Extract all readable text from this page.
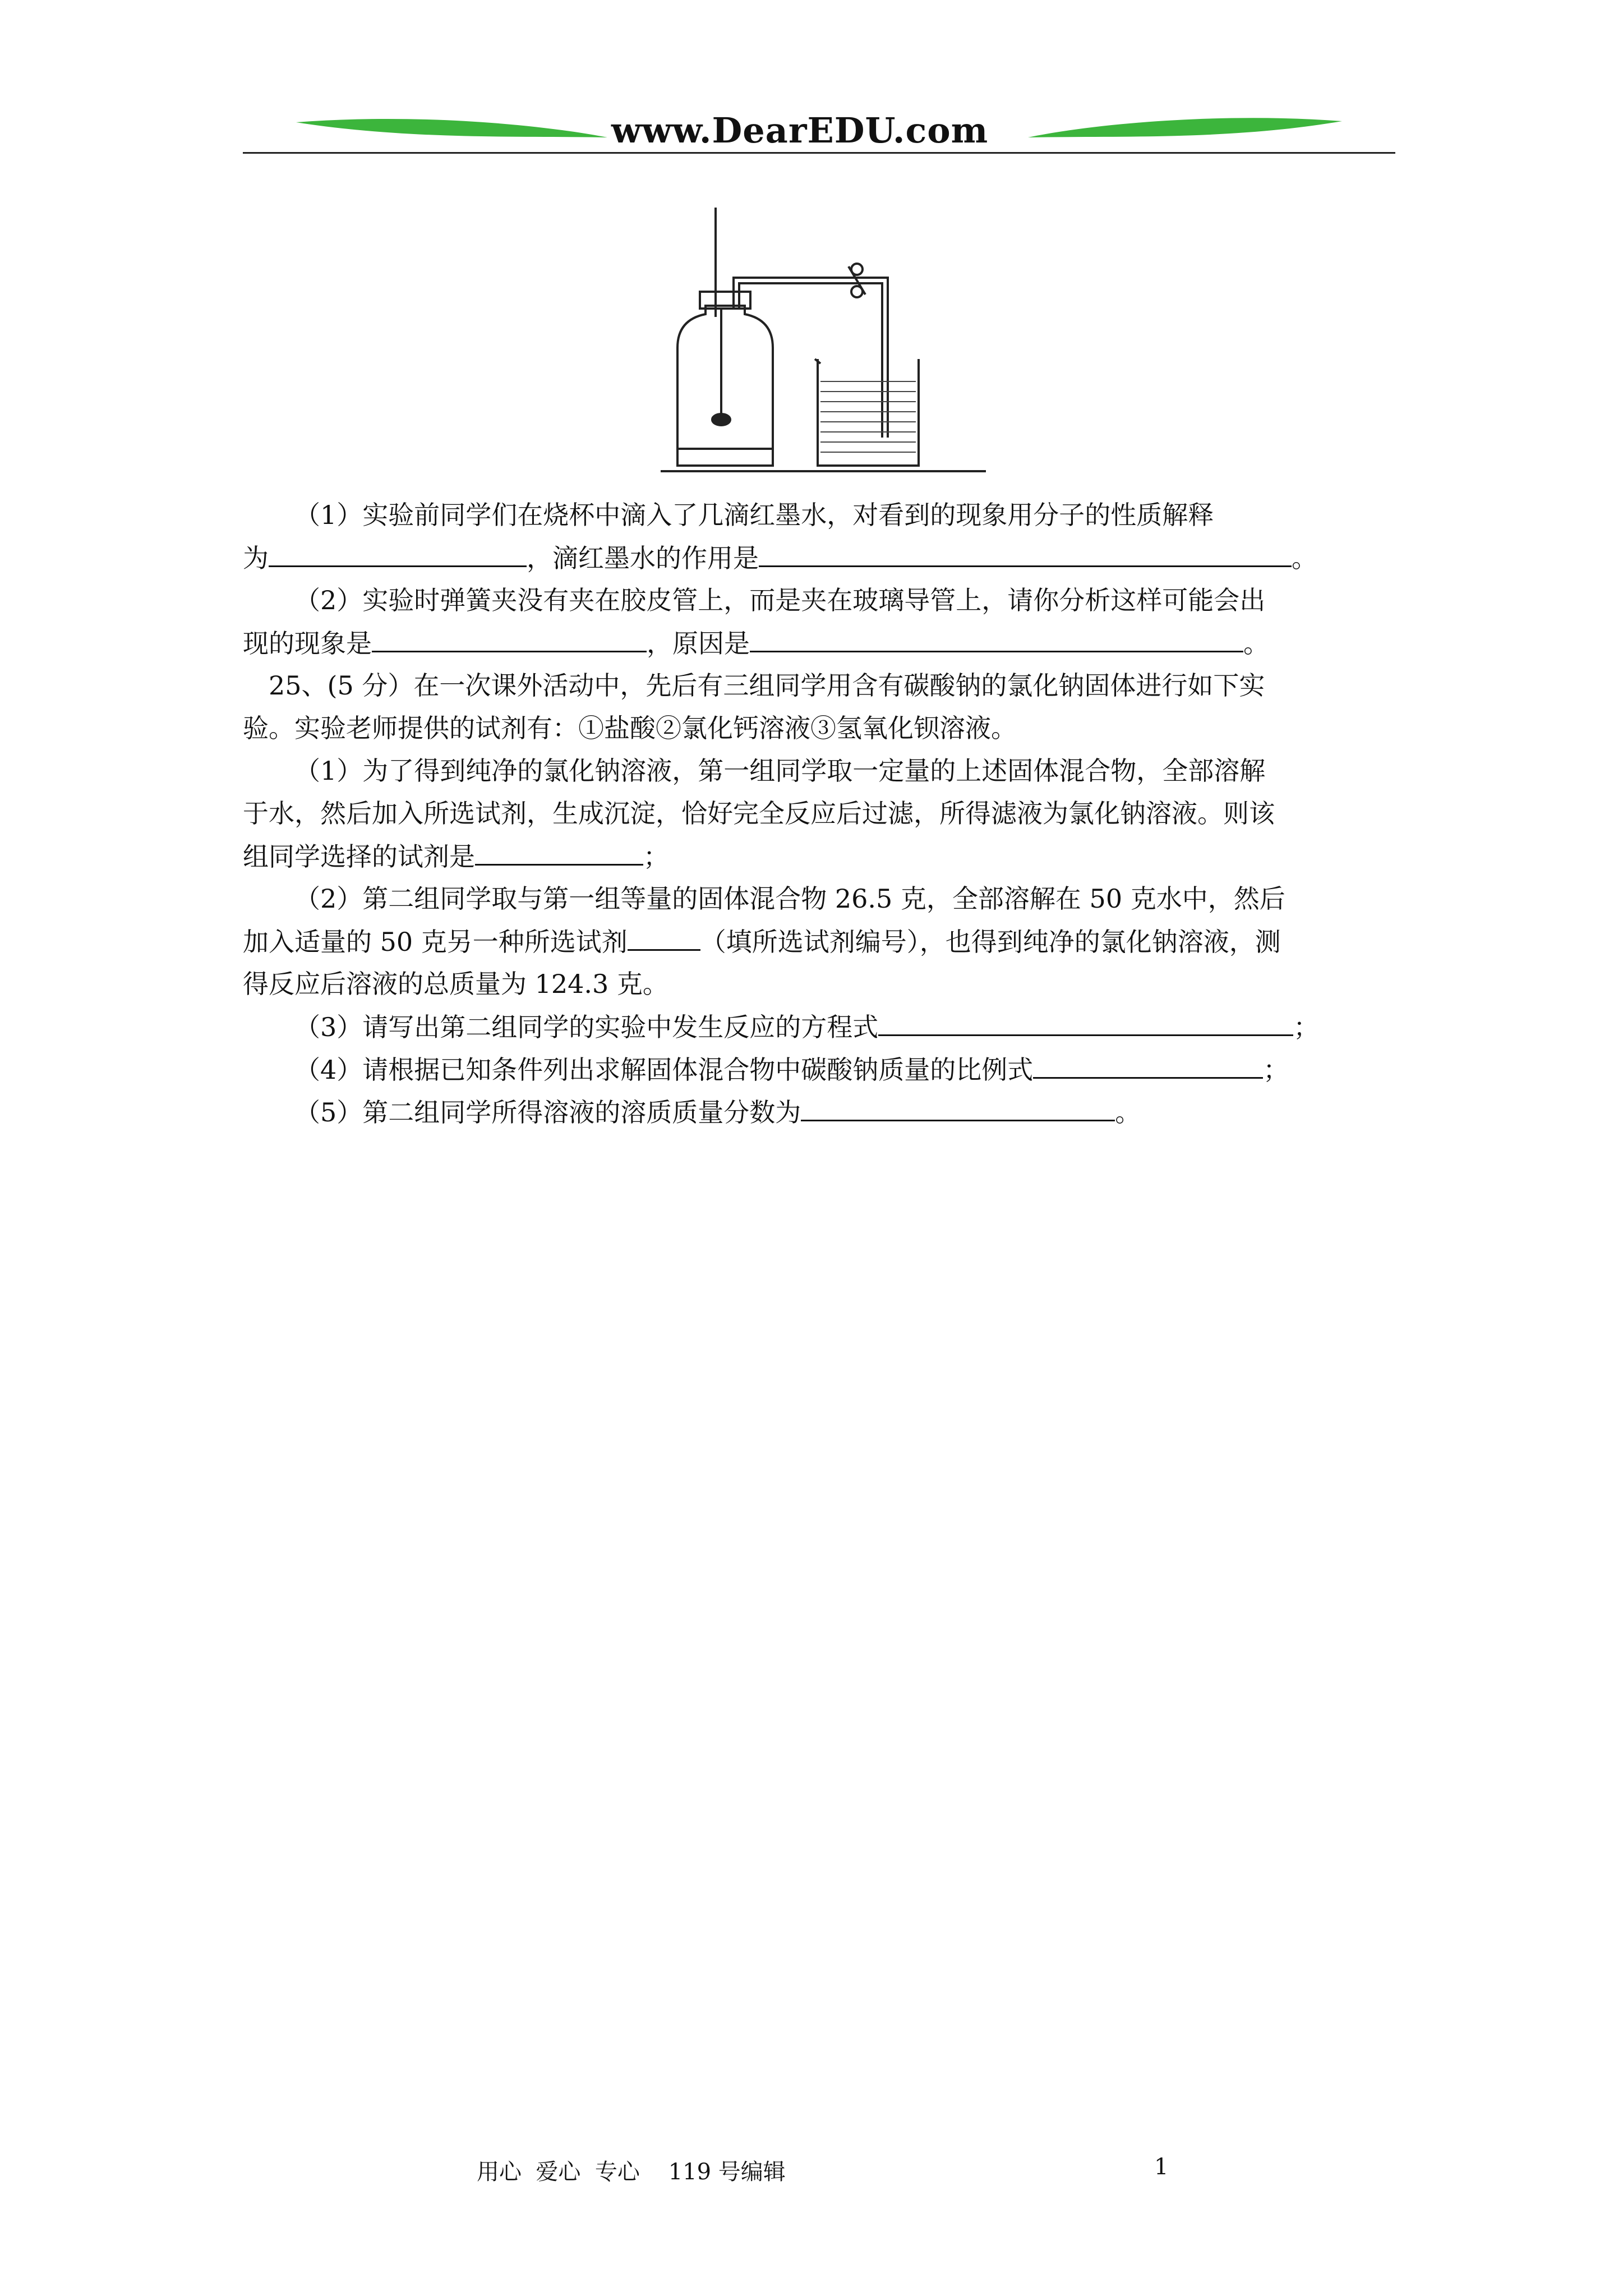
www.DearEDU.com
（1）实验前同学们在烧杯中滴入了几滴红墨水，对看到的现象用分子的性质解释
为	，滴红墨水的作用是	。
（2）实验时弹簧夹没有夹在胶皮管上，而是夹在玻璃导管上，请你分析这样可能会出
现的现象是	，原因是	。
25、(5 分）在一次课外活动中，先后有三组同学用含有碳酸钠的氯化钠固体进行如下实
验。实验老师提供的试剂有：①盐酸②氯化钙溶液③氢氧化钡溶液。
（1）为了得到纯净的氯化钠溶液，第一组同学取一定量的上述固体混合物，全部溶解
于水，然后加入所选试剂，生成沉淀，恰好完全反应后过滤，所得滤液为氯化钠溶液。则该
组同学选择的试剂是	；
（2）第二组同学取与第一组等量的固体混合物 26.5 克，全部溶解在 50 克水中，然后
加入适量的 50 克另一种所选试剂	（填所选试剂编号），也得到纯净的氯化钠溶液，测
得反应后溶液的总质量为 124.3 克。
（3）请写出第二组同学的实验中发生反应的方程式	；
（4）请根据已知条件列出求解固体混合物中碳酸钠质量的比例式	；
（5）第二组同学所得溶液的溶质质量分数为	。
用心  爱心  专心    119 号编辑	1
